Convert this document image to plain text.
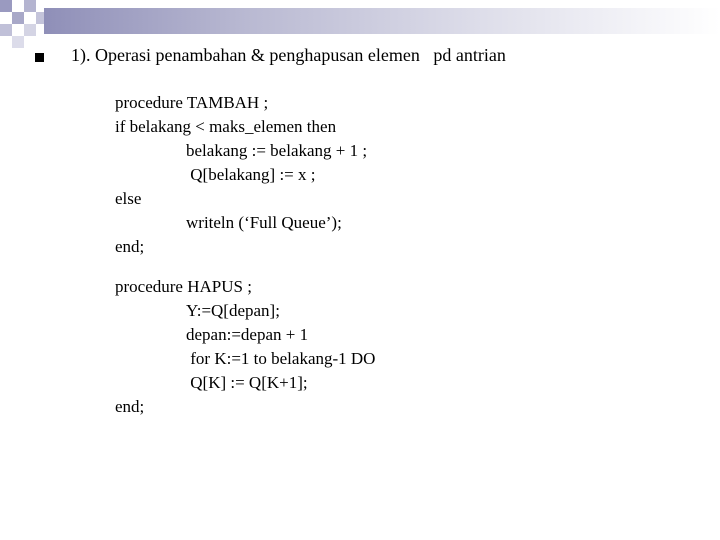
1). Operasi penambahan & penghapusan elemen   pd antrian
procedure TAMBAH ;
if belakang < maks_elemen then
belakang := belakang + 1 ;
Q[belakang] := x ;
else
writeln (‘Full Queue’);
end;
procedure HAPUS ;
Y:=Q[depan];
depan:=depan + 1
for K:=1 to belakang-1 DO
Q[K] := Q[K+1];
end;
